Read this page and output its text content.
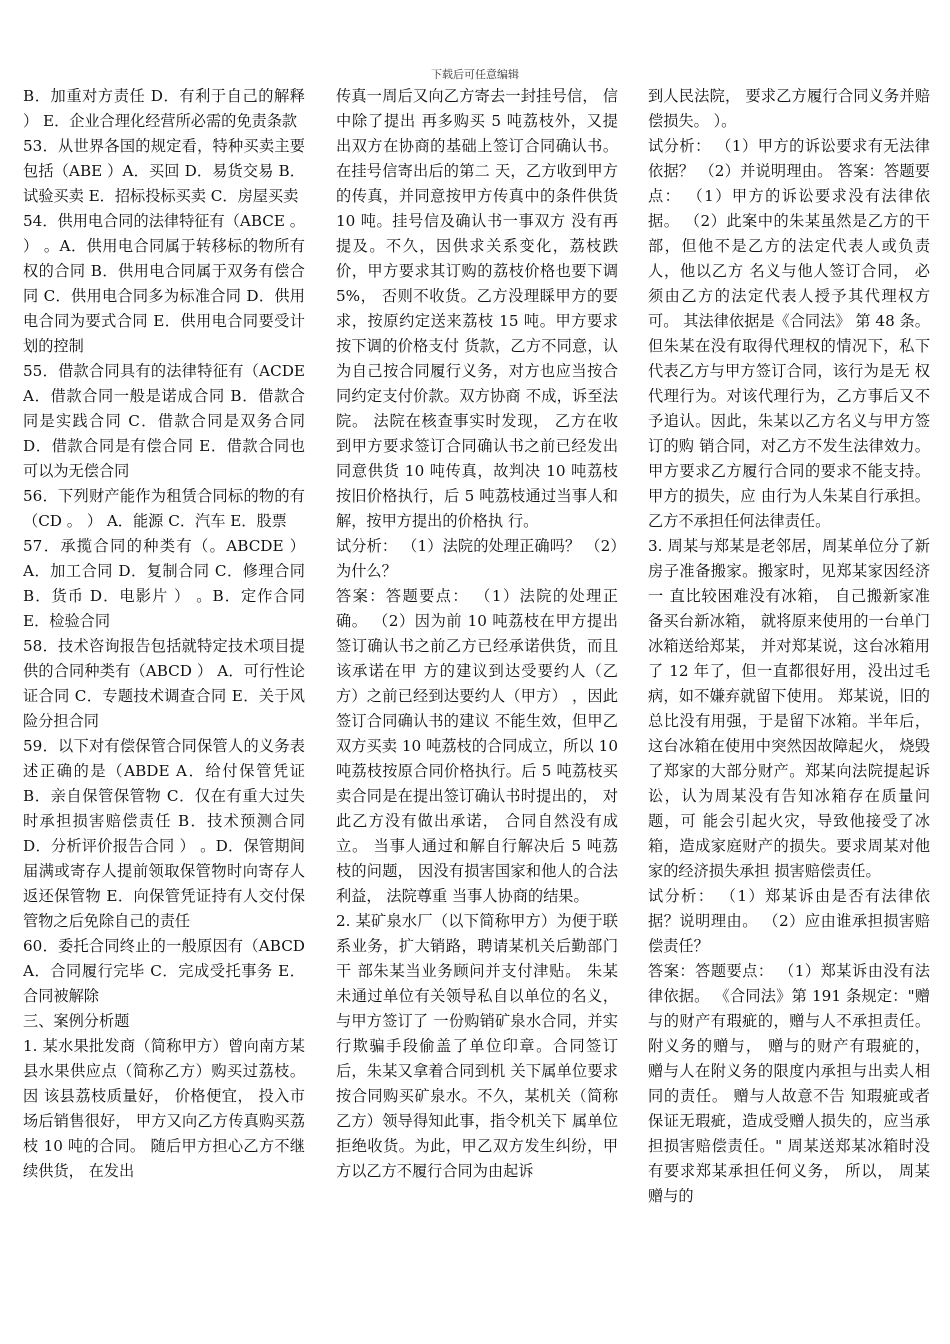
下载后可任意编辑

B．加重对方责任 D．有利于自己的解释 ） E．企业合理化经营所必需的免责条款

53．从世界各国的规定看，特种买卖主要包括（ABE ）A．买回 D．易货交易 B．试验买卖 E．招标投标买卖 C．房屋买卖

54．供用电合同的法律特征有（ABCE 。 ） 。A．供用电合同属于转移标的物所有权的合同 B．供用电合同属于双务有偿合同 C．供用电合同多为标准合同 D．供用电合同为要式合同 E．供用电合同要受计划的控制

55．借款合同具有的法律特征有（ACDE A．借款合同一般是诺成合同 B．借款合同是实践合同 C．借款合同是双务合同 D．借款合同是有偿合同 E．借款合同也可以为无偿合同

56．下列财产能作为租赁合同标的物的有（CD 。 ） A．能源 C．汽车 E．股票

57．承揽合同的种类有（。ABCDE ）A．加工合同 D．复制合同 C．修理合同 B．货币 D．电影片 ） 。B．定作合同 E．检验合同

58．技术咨询报告包括就特定技术项目提供的合同种类有（ABCD ） A．可行性论证合同 C．专题技术调查合同 E．关于风险分担合同

59．以下对有偿保管合同保管人的义务表述正确的是（ABDE A．给付保管凭证 B．亲自保管保管物 C．仅在有重大过失时承担损害赔偿责任 B．技术预测合同 D．分析评价报告合同 ） 。D．保管期间届满或寄存人提前领取保管物时向寄存人返还保管物 E．向保管凭证持有人交付保管物之后免除自己的责任

60．委托合同终止的一般原因有（ABCD A．合同履行完毕 C．完成受托事务 E．合同被解除

三、案例分析题

1. 某水果批发商（简称甲方）曾向南方某县水果供应点（简称乙方）购买过荔枝。因 该县荔枝质量好， 价格便宜， 投入市场后销售很好， 甲方又向乙方传真购买荔枝 10 吨的合同。 随后甲方担心乙方不继续供货， 在发出

传真一周后又向乙方寄去一封挂号信， 信中除了提出 再多购买 5 吨荔枝外，又提出双方在协商的基础上签订合同确认书。在挂号信寄出后的第二 天，乙方收到甲方的传真，并同意按甲方传真中的条件供货 10 吨。挂号信及确认书一事双方 没有再提及。不久，因供求关系变化，荔枝跌价，甲方要求其订购的荔枝价格也要下调 5%， 否则不收货。乙方没理睬甲方的要求，按原约定送来荔枝 15 吨。甲方要求按下调的价格支付 货款，乙方不同意，认为自己按合同履行义务，对方也应当按合同约定支付价款。双方协商 不成，诉至法院。 法院在核查事实时发现， 乙方在收到甲方要求签订合同确认书之前已经发出同意供货 10 吨传真，故判决 10 吨荔枝按旧价格执行，后 5 吨荔枝通过当事人和解，按甲方提出的价格执 行。

试分析： （1）法院的处理正确吗？ （2）为什么？

答案：答题要点： （1）法院的处理正确。 （2）因为前 10 吨荔枝在甲方提出签订确认书之前乙方已经承诺供货，而且该承诺在甲 方的建议到达受要约人（乙方）之前已经到达要约人（甲方） ，因此签订合同确认书的建议 不能生效，但甲乙双方买卖 10 吨荔枝的合同成立，所以 10 吨荔枝按原合同价格执行。后 5 吨荔枝买卖合同是在提出签订确认书时提出的， 对此乙方没有做出承诺， 合同自然没有成立。 当事人通过和解自行解决后 5 吨荔枝的问题， 因没有损害国家和他人的合法利益， 法院尊重 当事人协商的结果。

2. 某矿泉水厂（以下简称甲方）为便于联系业务，扩大销路，聘请某机关后勤部门干 部朱某当业务顾问并支付津贴。 朱某未通过单位有关领导私自以单位的名义， 与甲方签订了 一份购销矿泉水合同，并实行欺骗手段偷盖了单位印章。合同签订后，朱某又拿着合同到机 关下属单位要求按合同购买矿泉水。不久，某机关（简称乙方）领导得知此事，指令机关下 属单位拒绝收货。为此，甲乙双方发生纠纷，甲方以乙方不履行合同为由起诉

到人民法院， 要求乙方履行合同义务并赔偿损失。 ）。

试分析： （1）甲方的诉讼要求有无法律依据？ （2）并说明理由。 答案：答题要点： （1）甲方的诉讼要求没有法律依据。 （2）此案中的朱某虽然是乙方的干部，但他不是乙方的法定代表人或负责人，他以乙方 名义与他人签订合同， 必须由乙方的法定代表人授予其代理权方可。 其法律依据是《合同法》 第 48 条。但朱某在没有取得代理权的情况下，私下代表乙方与甲方签订合同，该行为是无 权代理行为。对该代理行为，乙方事后又不予追认。因此，朱某以乙方名义与甲方签订的购 销合同，对乙方不发生法律效力。甲方要求乙方履行合同的要求不能支持。甲方的损失，应 由行为人朱某自行承担。乙方不承担任何法律责任。

3. 周某与郑某是老邻居，周某单位分了新房子准备搬家。搬家时，见郑某家因经济一 直比较困难没有冰箱， 自己搬新家准备买台新冰箱， 就将原来使用的一台单门冰箱送给郑某， 并对郑某说，这台冰箱用了 12 年了，但一直都很好用，没出过毛病，如不嫌弃就留下使用。 郑某说，旧的总比没有用强，于是留下冰箱。半年后，这台冰箱在使用中突然因故障起火， 烧毁了郑家的大部分财产。郑某向法院提起诉讼，认为周某没有告知冰箱存在质量问题，可 能会引起火灾，导致他接受了冰箱，造成家庭财产的损失。要求周某对他家的经济损失承担 损害赔偿责任。

试分析： （1）郑某诉由是否有法律依据？说明理由。 （2）应由谁承担损害赔偿责任？

答案：答题要点： （1）郑某诉由没有法律依据。 《合同法》第 191 条规定："赠与的财产有瑕疵的，赠与人不承担责任。附义务的赠与， 赠与的财产有瑕疵的， 赠与人在附义务的限度内承担与出卖人相同的责任。 赠与人故意不告 知瑕疵或者保证无瑕疵，造成受赠人损失的，应当承担损害赔偿责任。" 周某送郑某冰箱时没有要求郑某承担任何义务， 所以， 周某赠与的
